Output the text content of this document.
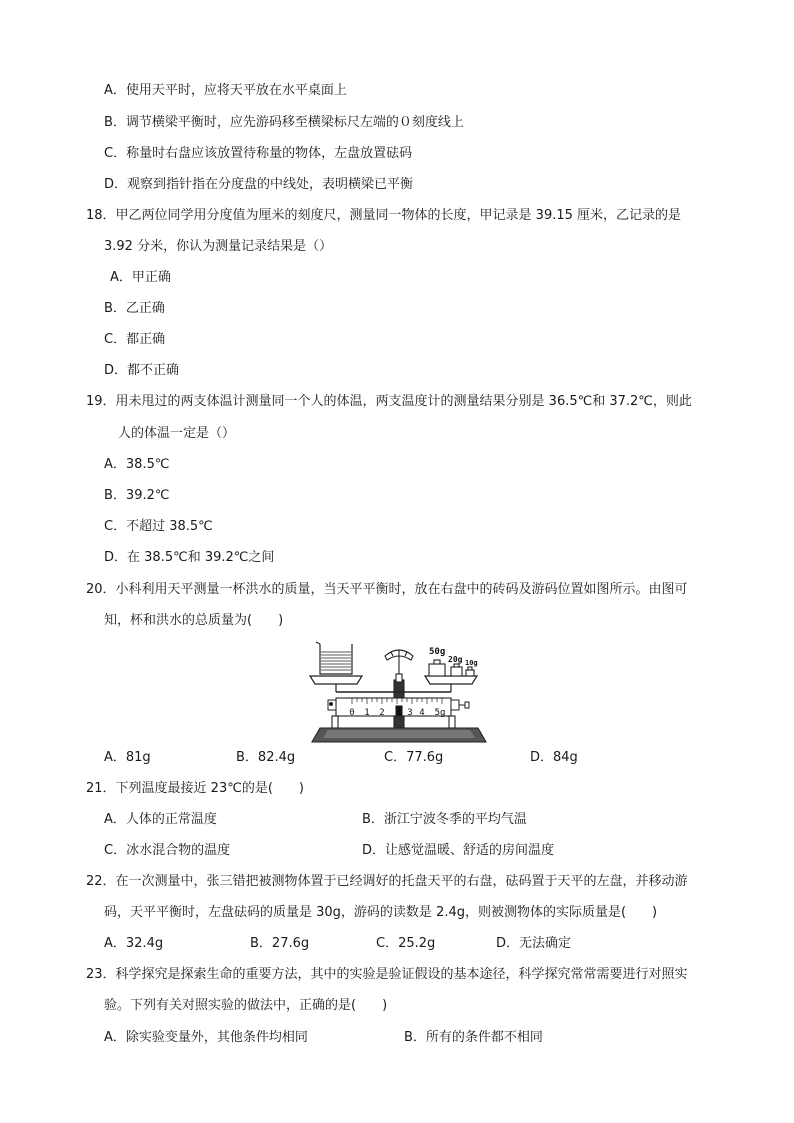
A．使用天平时，应将天平放在水平桌面上
B．调节横梁平衡时，应先游码移至横梁标尺左端的０刻度线上
C．称量时右盘应该放置待称量的物体，左盘放置砝码
D．观察到指针指在分度盘的中线处，表明横梁已平衡
18．甲乙两位同学用分度值为厘米的刻度尺，测量同一物体的长度，甲记录是 39.15 厘米，乙记录的是
3.92 分米，你认为测量记录结果是（）
A．甲正确
B．乙正确
C．都正确
D．都不正确
19．用未甩过的两支体温计测量同一个人的体温，两支温度计的测量结果分别是 36.5℃和 37.2℃，则此
人的体温一定是（）
A．38.5℃
B．39.2℃
C．不超过 38.5℃
D．在 38.5℃和 39.2℃之间
20．小科利用天平测量一杯洪水的质量，当天平平衡时，放在右盘中的砖码及游码位置如图所示。由图可
知，杯和洪水的总质量为(　　)
50g
20g 10g
0 1 2	3 4 5g
A．81g	B．82.4g	C．77.6g	D．84g
21．下列温度最接近 23℃的是(　　)
A．人体的正常温度	B．浙江宁波冬季的平均气温
C．冰水混合物的温度	D．让感觉温暖、舒适的房间温度
22．在一次测量中，张三错把被测物体置于已经调好的托盘天平的右盘，砝码置于天平的左盘，并移动游
码，天平平衡时，左盘砝码的质量是 30g，游码的读数是 2.4g，则被测物体的实际质量是(　　)
A．32.4g	B．27.6g	C．25.2g	D．无法确定
23．科学探究是探索生命的重要方法，其中的实验是验证假设的基本途径，科学探究常常需要进行对照实
验。下列有关对照实验的做法中，正确的是(　　)
A．除实验变量外，其他条件均相同	B．所有的条件都不相同
